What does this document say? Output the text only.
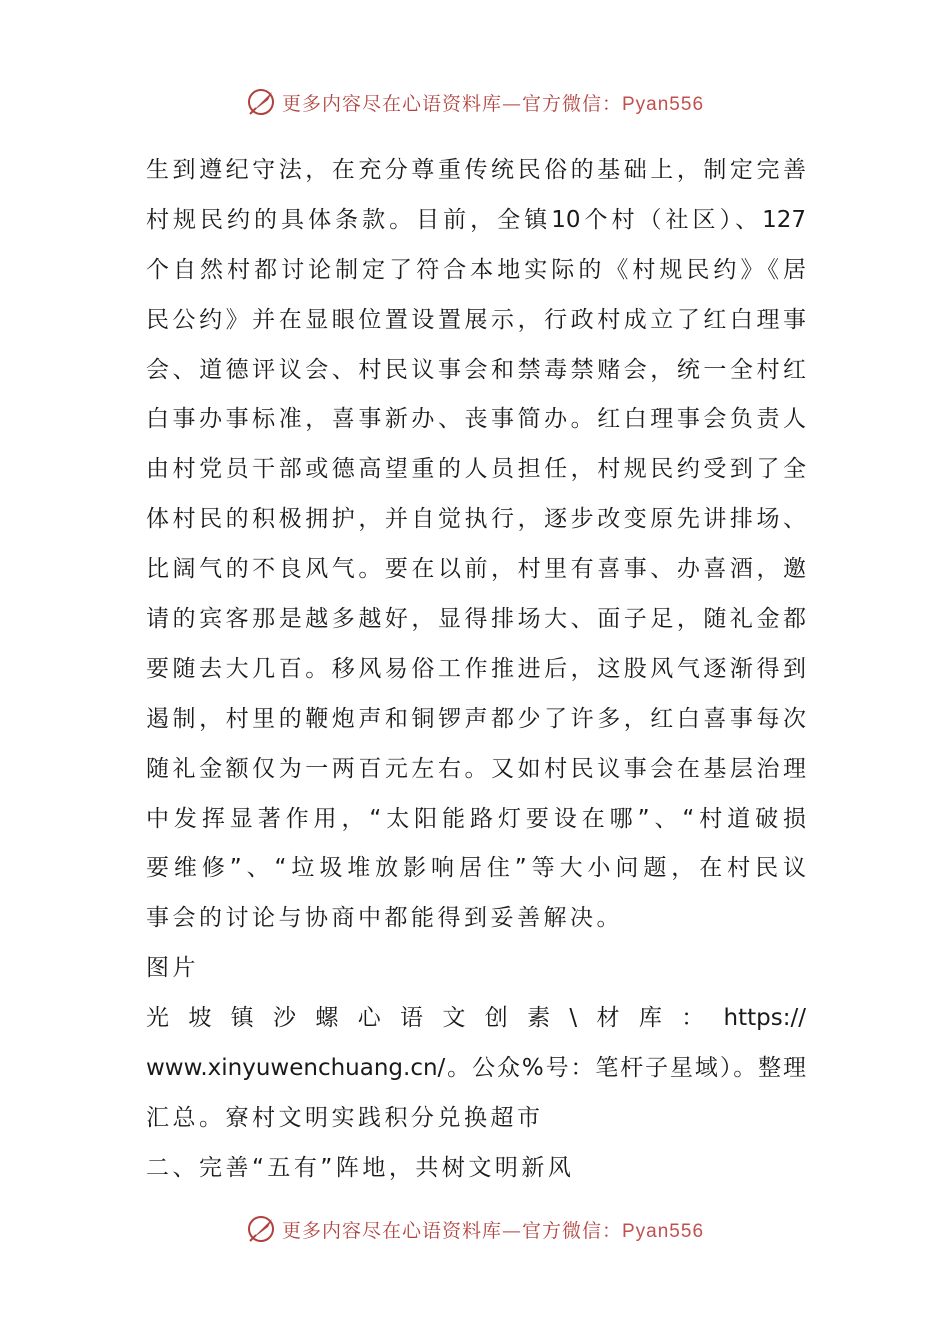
更多内容尽在心语资料库—官方微信：Pyan556
生到遵纪守法，在充分尊重传统民俗的基础上，制定完善
村规民约的具体条款。目前，全镇10个村（社区）、127
个自然村都讨论制定了符合本地实际的《村规民约》《居
民公约》并在显眼位置设置展示，行政村成立了红白理事
会、道德评议会、村民议事会和禁毒禁赌会，统一全村红
白事办事标准，喜事新办、丧事简办。红白理事会负责人
由村党员干部或德高望重的人员担任，村规民约受到了全
体村民的积极拥护，并自觉执行，逐步改变原先讲排场、
比阔气的不良风气。要在以前，村里有喜事、办喜酒，邀
请的宾客那是越多越好，显得排场大、面子足，随礼金都
要随去大几百。移风易俗工作推进后，这股风气逐渐得到
遏制，村里的鞭炮声和铜锣声都少了许多，红白喜事每次
随礼金额仅为一两百元左右。又如村民议事会在基层治理
中发挥显著作用，“太阳能路灯要设在哪”、“村道破损
要维修”、“垃圾堆放影响居住”等大小问题，在村民议
事会的讨论与协商中都能得到妥善解决。
图片
光坡镇沙螺心语文创素\材库：https://
www.xinyuwenchuang.cn/。公众%号：笔杆子星域）。整理
汇总。寮村文明实践积分兑换超市
二、完善“五有”阵地，共树文明新风
更多内容尽在心语资料库—官方微信：Pyan556
